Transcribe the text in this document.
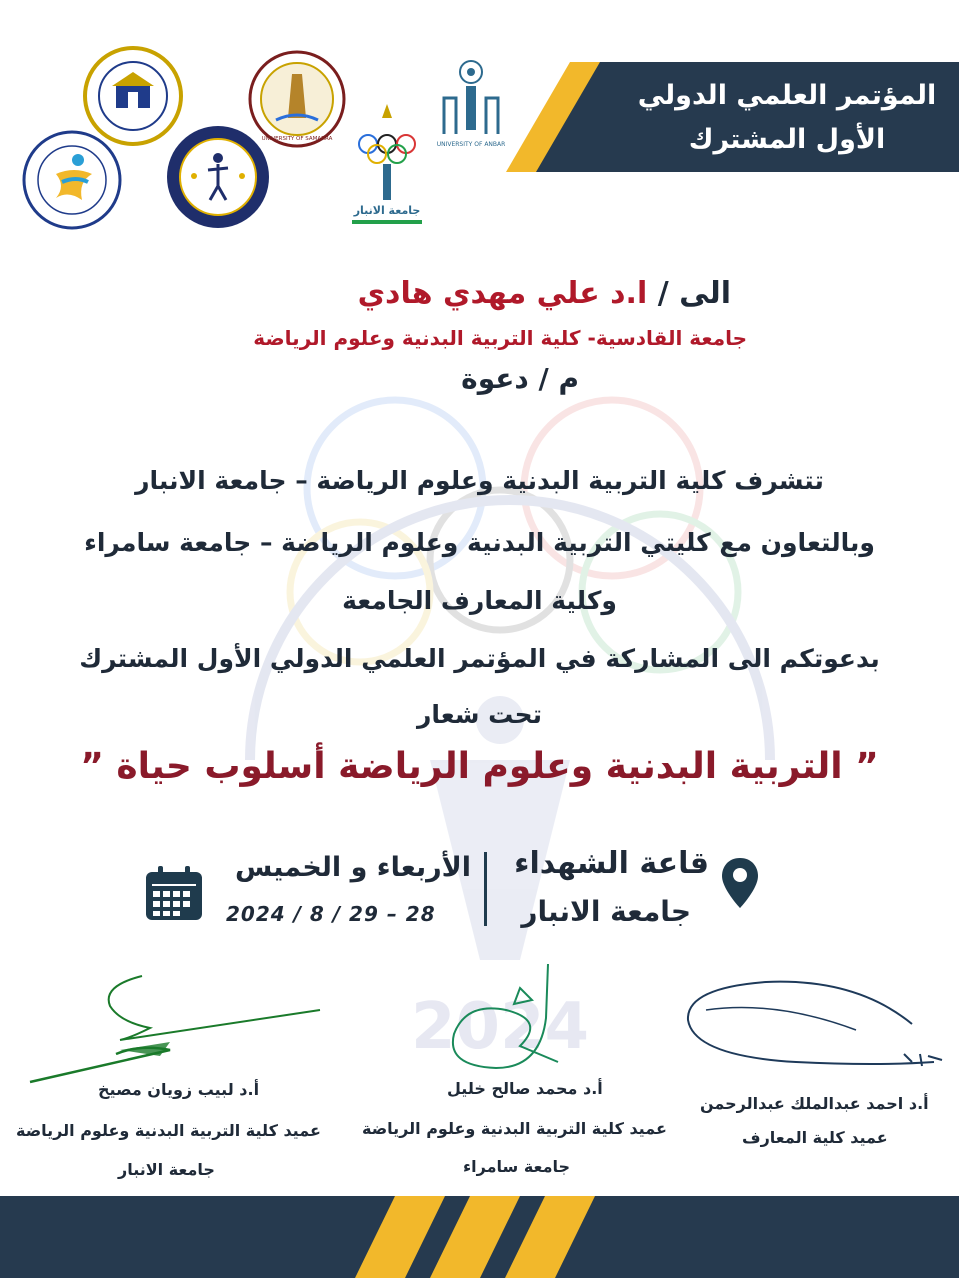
2024
المؤتمر العلمي الدولي
الأول المشترك
UNIVERSITY OF ANBAR
جامعة الانبار
UNIVERSITY OF SAMARRA
الى / ا.د علي مهدي هادي
جامعة القادسية- كلية التربية البدنية وعلوم الرياضة
م / دعوة
تتشرف كلية التربية البدنية وعلوم الرياضة – جامعة الانبار
وبالتعاون مع كليتي التربية البدنية وعلوم الرياضة – جامعة سامراء
وكلية المعارف الجامعة
بدعوتكم الى المشاركة في المؤتمر العلمي الدولي الأول المشترك
تحت شعار
” التربية البدنية وعلوم الرياضة أسلوب حياة ”
قاعة الشهداء
جامعة الانبار
الأربعاء و الخميس
2024 / 8 / 29 – 28
أ.د لبيب زويان مصيخ
عميد كلية التربية البدنية وعلوم الرياضة
جامعة الانبار
أ.د محمد صالح خليل
عميد كلية التربية البدنية وعلوم الرياضة
جامعة سامراء
أ.د احمد عبدالملك عبدالرحمن
عميد كلية المعارف
